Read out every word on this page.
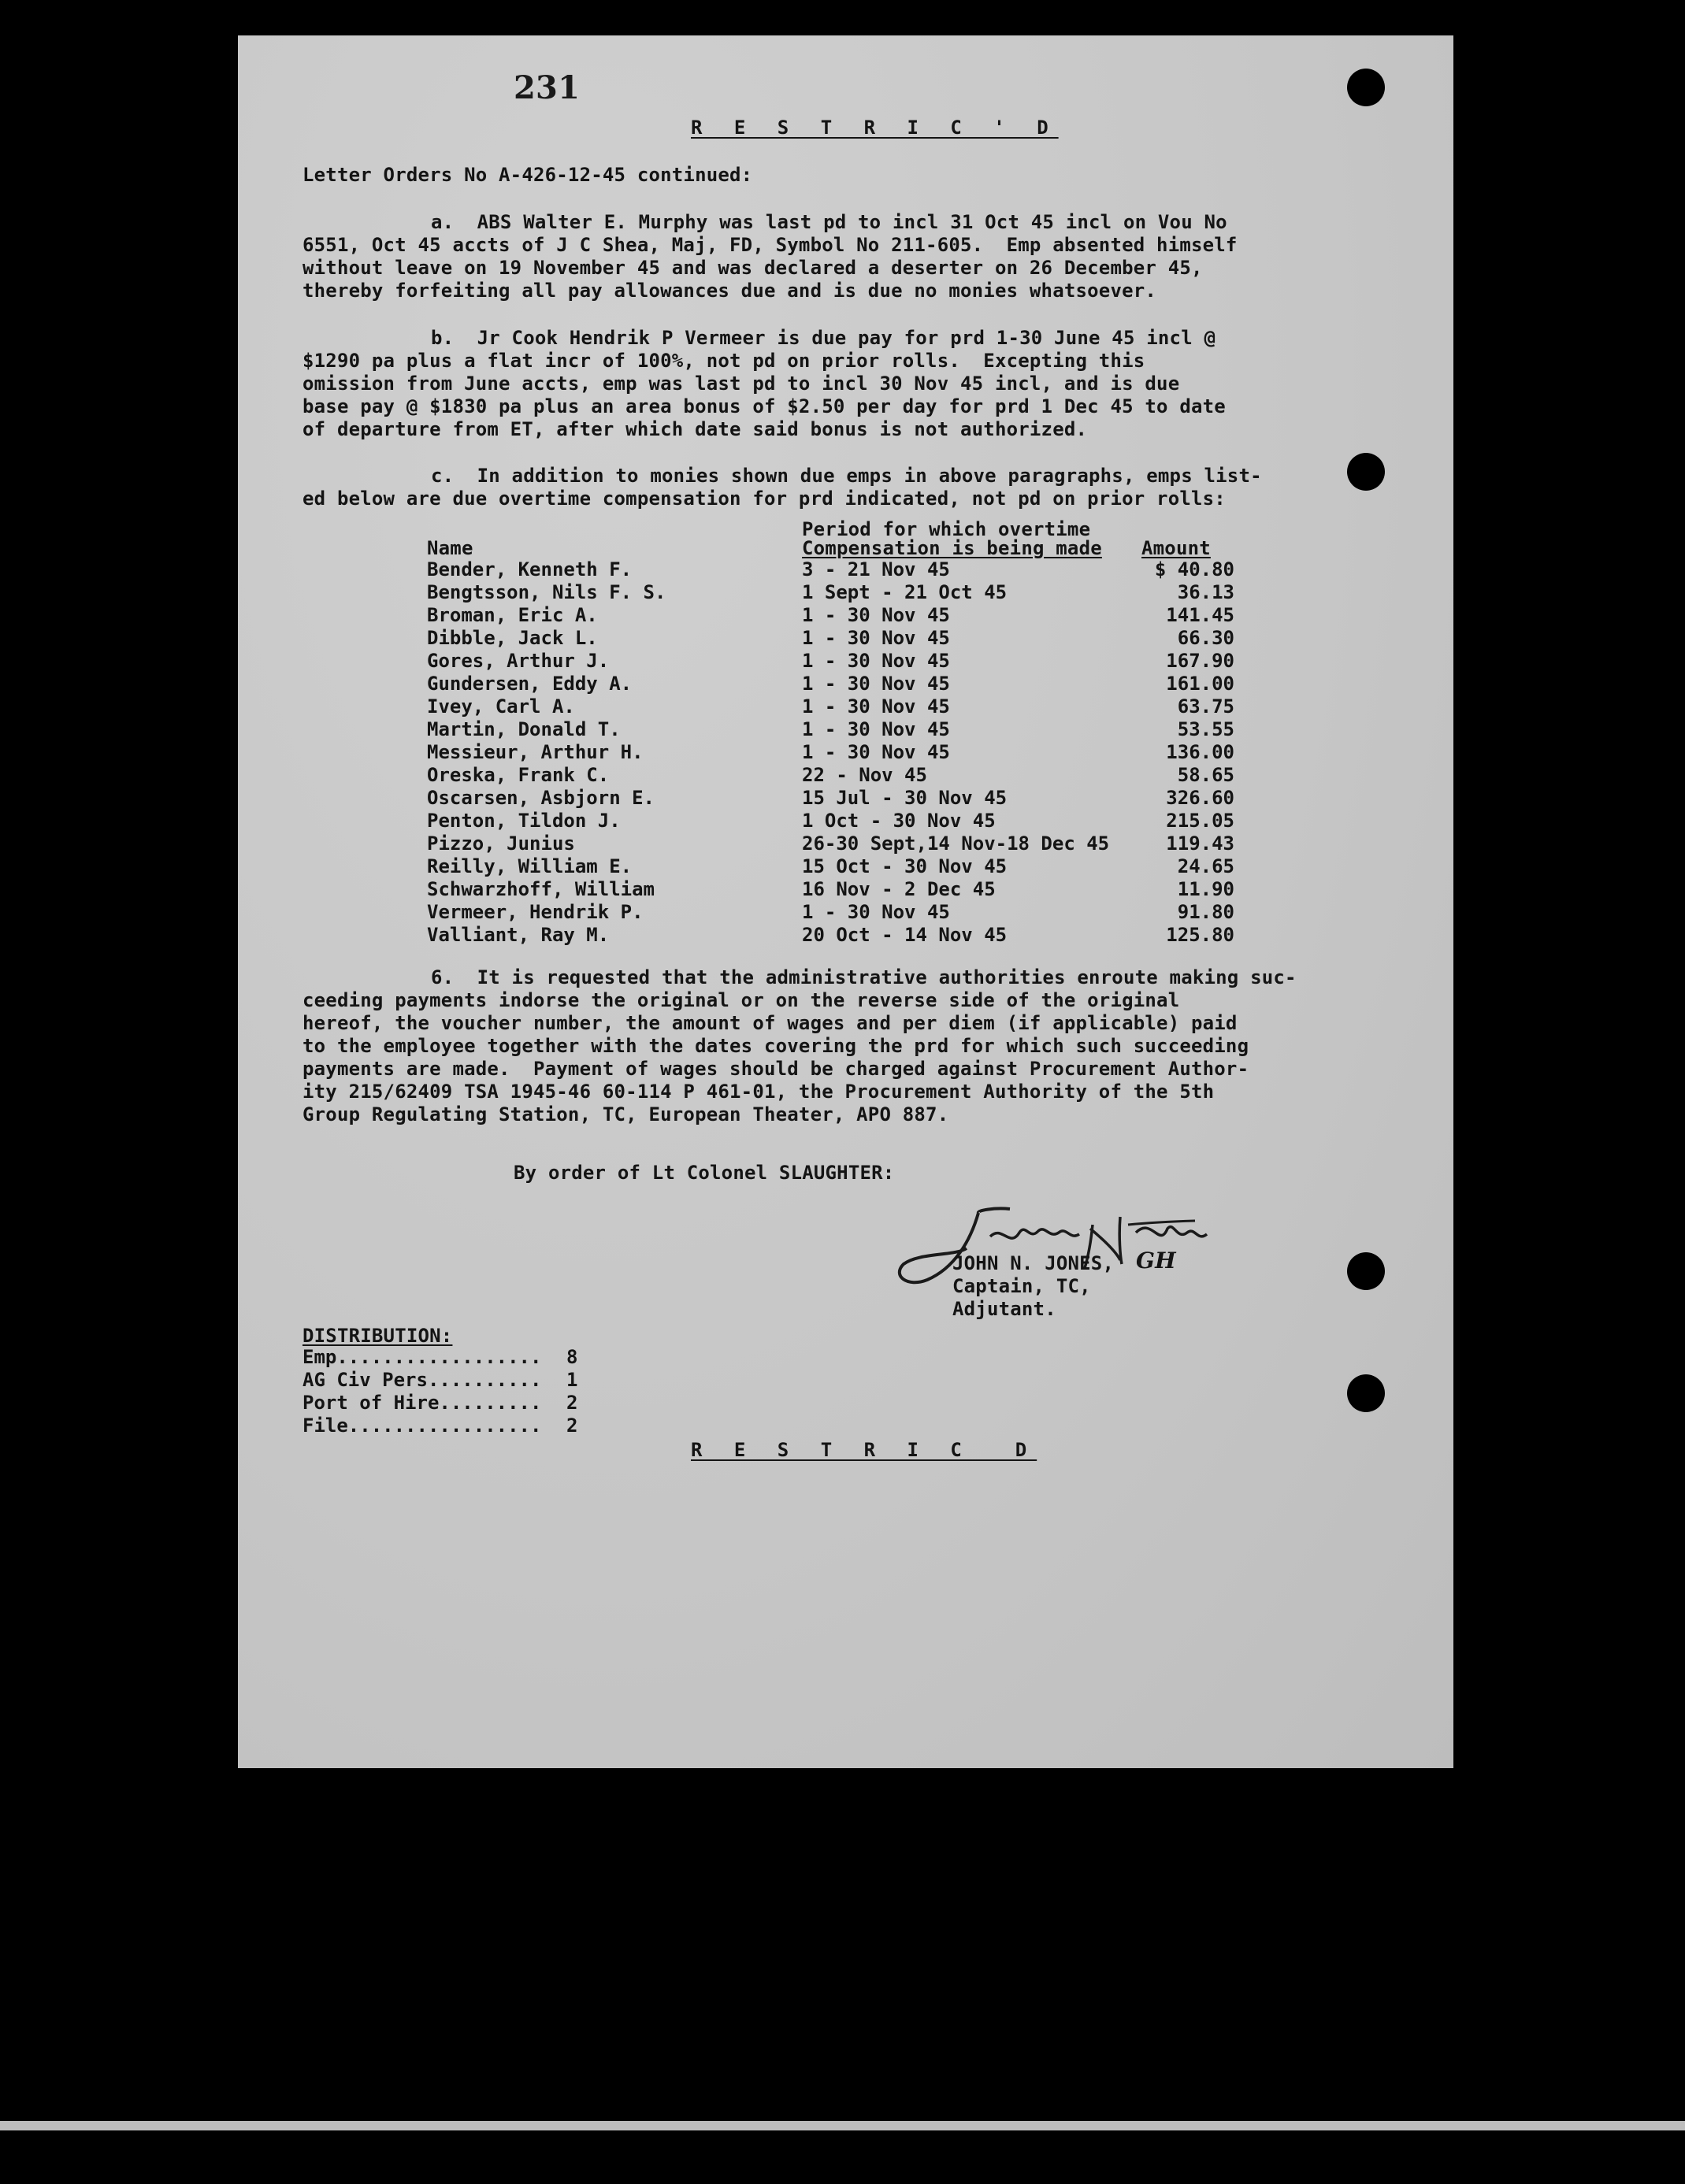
231
R E S T R I C ' D
Letter Orders No A-426-12-45 continued:
a.  ABS Walter E. Murphy was last pd to incl 31 Oct 45 incl on Vou No
6551, Oct 45 accts of J C Shea, Maj, FD, Symbol No 211-605.  Emp absented himself
without leave on 19 November 45 and was declared a deserter on 26 December 45,
thereby forfeiting all pay allowances due and is due no monies whatsoever.
b.  Jr Cook Hendrik P Vermeer is due pay for prd 1-30 June 45 incl @
$1290 pa plus a flat incr of 100%, not pd on prior rolls.  Excepting this
omission from June accts, emp was last pd to incl 30 Nov 45 incl, and is due
base pay @ $1830 pa plus an area bonus of $2.50 per day for prd 1 Dec 45 to date
of departure from ET, after which date said bonus is not authorized.
c.  In addition to monies shown due emps in above paragraphs, emps list-
ed below are due overtime compensation for prd indicated, not pd on prior rolls:
Period for which overtime
Name	Compensation is being made Amount
Bender, Kenneth F.	3 - 21 Nov 45	$ 40.80
Bengtsson, Nils F. S.	1 Sept - 21 Oct 45	36.13
Broman, Eric A.	1 - 30 Nov 45	141.45
Dibble, Jack L.	1 - 30 Nov 45	66.30
Gores, Arthur J.	1 - 30 Nov 45	167.90
Gundersen, Eddy A.	1 - 30 Nov 45	161.00
Ivey, Carl A.	1 - 30 Nov 45	63.75
Martin, Donald T.	1 - 30 Nov 45	53.55
Messieur, Arthur H.	1 - 30 Nov 45	136.00
Oreska, Frank C.	22 - Nov 45	58.65
Oscarsen, Asbjorn E.	15 Jul - 30 Nov 45	326.60
Penton, Tildon J.	1 Oct - 30 Nov 45	215.05
Pizzo, Junius	26-30 Sept,14 Nov-18 Dec 45	119.43
Reilly, William E.	15 Oct - 30 Nov 45	24.65
Schwarzhoff, William	16 Nov - 2 Dec 45	11.90
Vermeer, Hendrik P.	1 - 30 Nov 45	91.80
Valliant, Ray M.	20 Oct - 14 Nov 45	125.80
6.  It is requested that the administrative authorities enroute making suc-
ceeding payments indorse the original or on the reverse side of the original
hereof, the voucher number, the amount of wages and per diem (if applicable) paid
to the employee together with the dates covering the prd for which such succeeding
payments are made.  Payment of wages should be charged against Procurement Author-
ity 215/62409 TSA 1945-46 60-114 P 461-01, the Procurement Authority of the 5th
Group Regulating Station, TC, European Theater, APO 887.
By order of Lt Colonel SLAUGHTER:
JOHN N. JONES, GH
Captain, TC,
Adjutant.
DISTRIBUTION:
Emp..................	8
AG Civ Pers..........	1
Port of Hire.........	2
File.................	2
R E S T R I C  D
